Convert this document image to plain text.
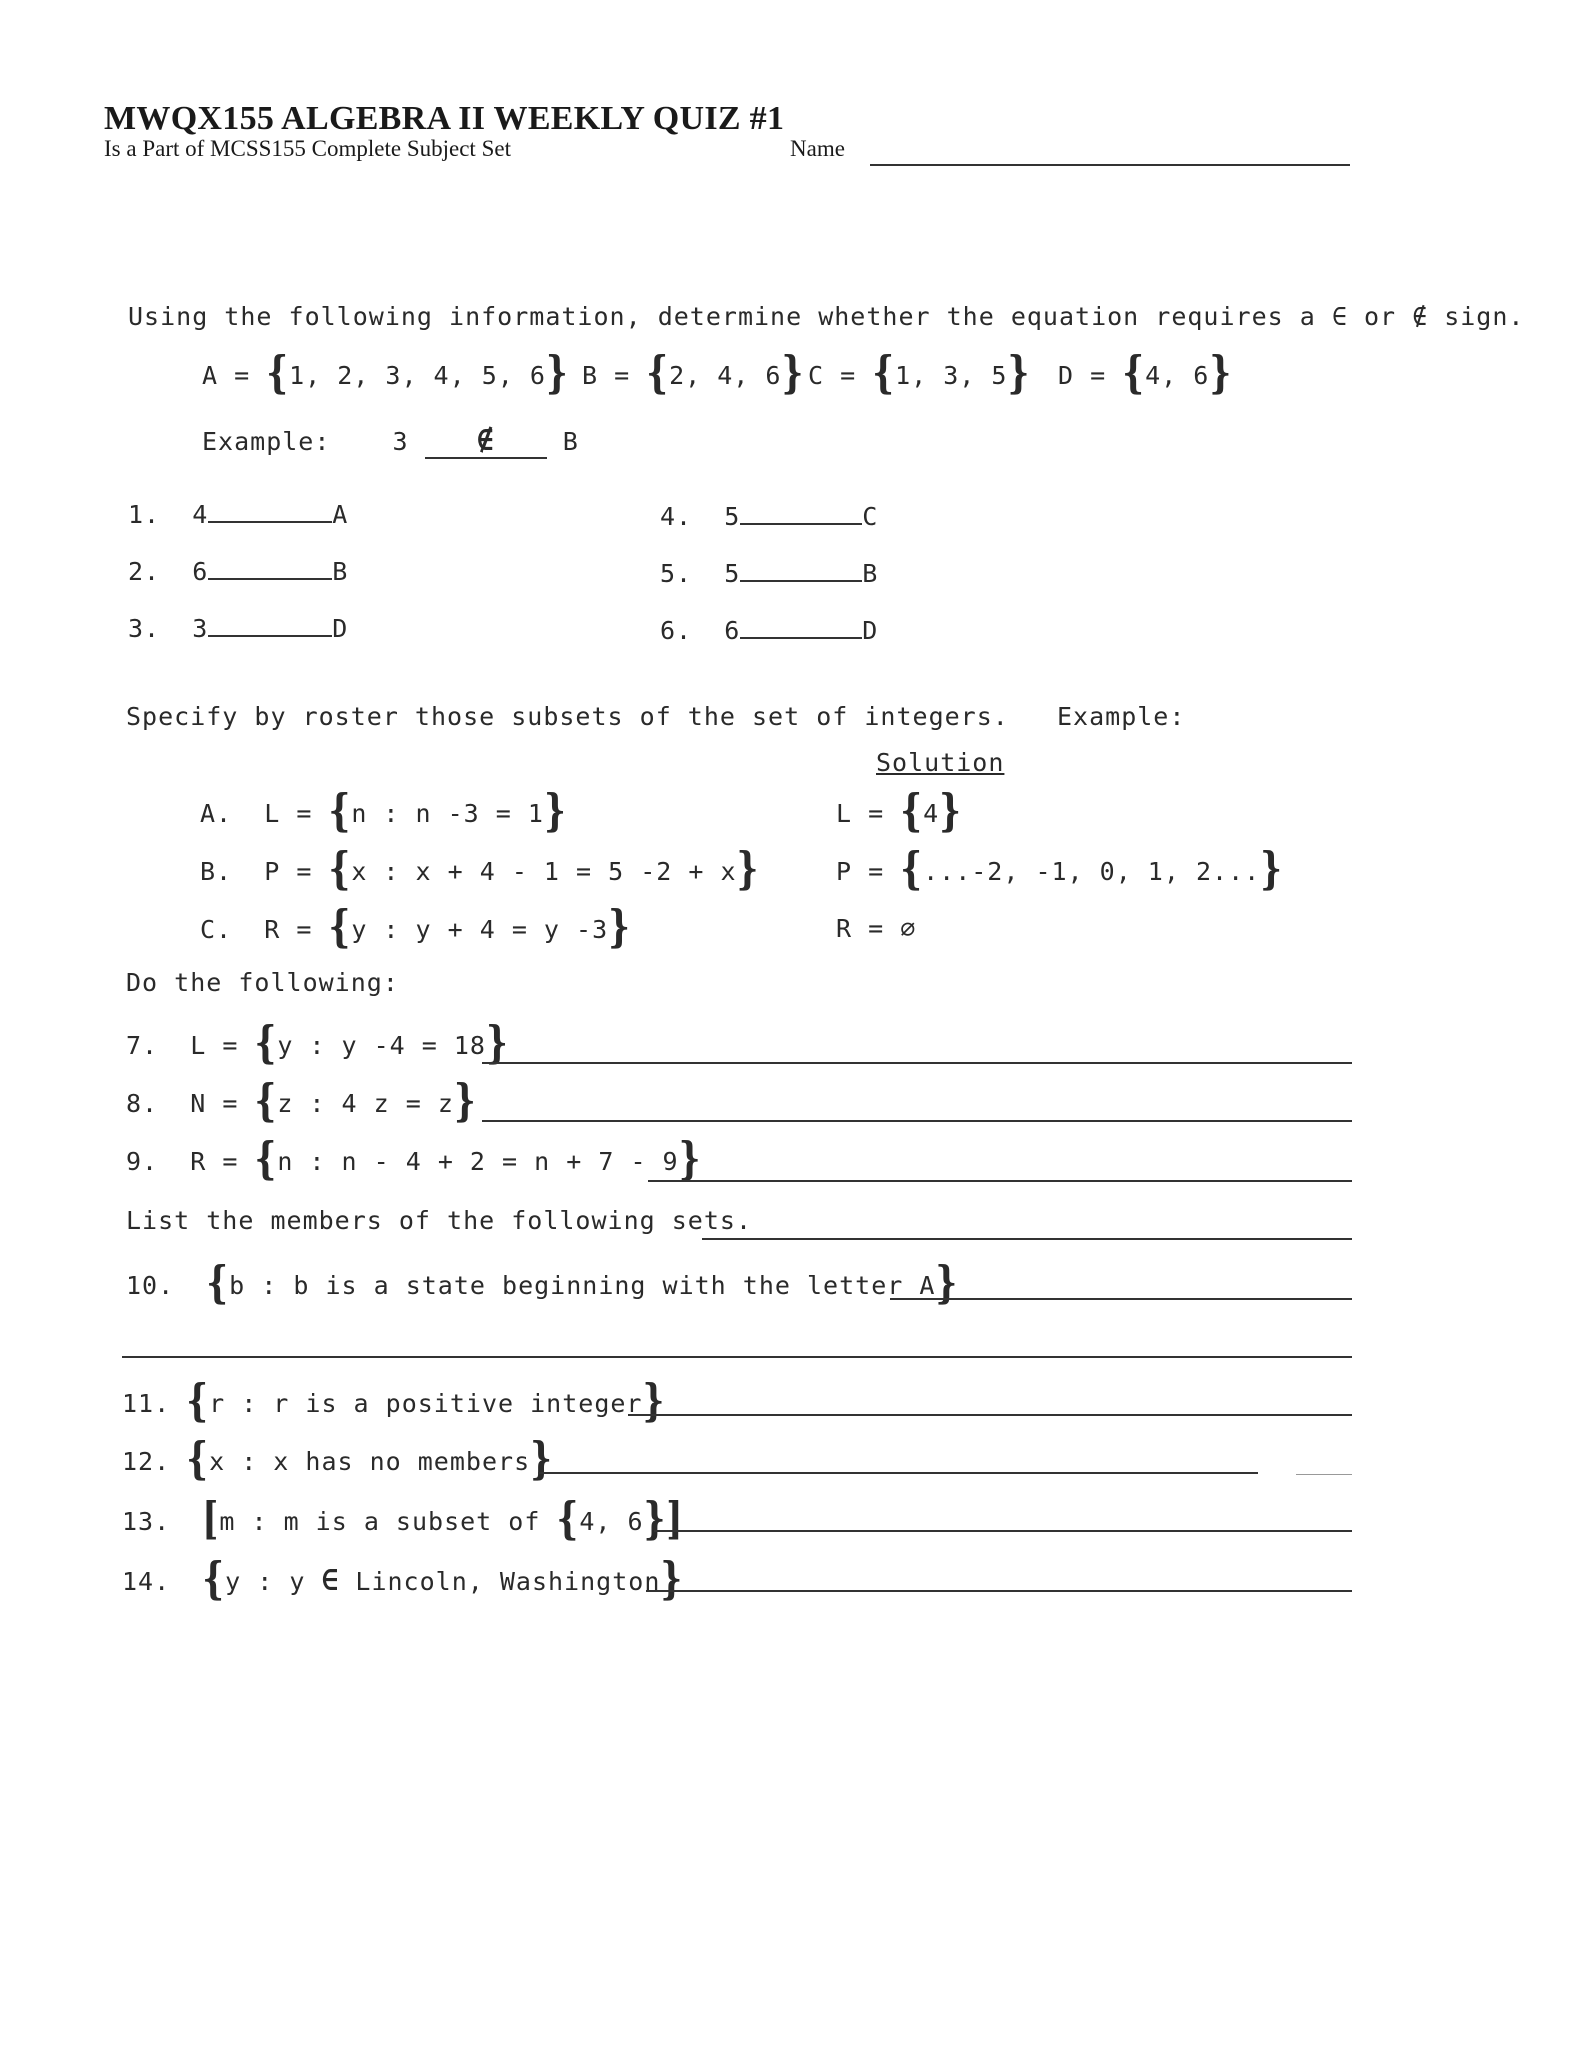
MWQX155 ALGEBRA II WEEKLY QUIZ #1
Is a Part of MCSS155 Complete Subject Set	Name
Using the following information, determine whether the equation requires a ∈ or ∉ sign.
A = {1, 2, 3, 4, 5, 6} B = {2, 4, 6} C = {1, 3, 5} D = {4, 6}
Example: 3 ∉	B
1. 4	A
2. 6	B
3. 3	D
4. 5	C
5. 5	B
6. 6	D
Specify by roster those subsets of the set of integers. Example:
Solution
A. L = {n : n -3 = 1}	L = {4}
B. P = {x : x + 4 - 1 = 5 -2 + x}	P = {...-2, -1, 0, 1, 2...}
C. R = {y : y + 4 = y -3}	R = ∅
Do the following:
7. L = {y : y -4 = 18}
8. N = {z : 4 z = z}
9. R = {n : n - 4 + 2 = n + 7 - 9}
List the members of the following sets.
10. {b : b is a state beginning with the letter A}
11. {r : r is a positive integer}
12. {x : x has no members}
13. [m : m is a subset of {4, 6}]
14. {y : y ∈ Lincoln, Washington}
